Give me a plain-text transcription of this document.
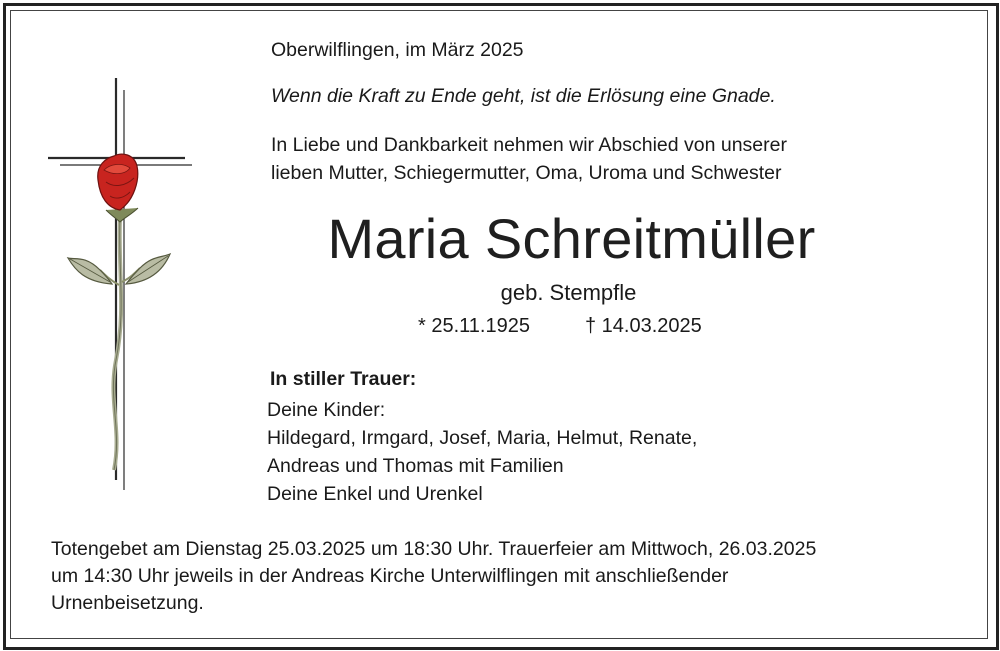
Oberwilflingen, im März 2025
Wenn die Kraft zu Ende geht, ist die Erlösung eine Gnade.
In Liebe und Dankbarkeit nehmen wir Abschied von unserer
lieben Mutter, Schiegermutter, Oma, Uroma und Schwester
Maria Schreitmüller
geb. Stempfle
* 25.11.1925	† 14.03.2025
In stiller Trauer:
Deine Kinder:
Hildegard, Irmgard, Josef, Maria, Helmut, Renate,
Andreas und Thomas mit Familien
Deine Enkel und Urenkel
Totengebet am Dienstag 25.03.2025 um 18:30 Uhr. Trauerfeier am Mittwoch, 26.03.2025
um 14:30 Uhr jeweils in der Andreas Kirche Unterwilflingen mit anschließender
Urnenbeisetzung.
